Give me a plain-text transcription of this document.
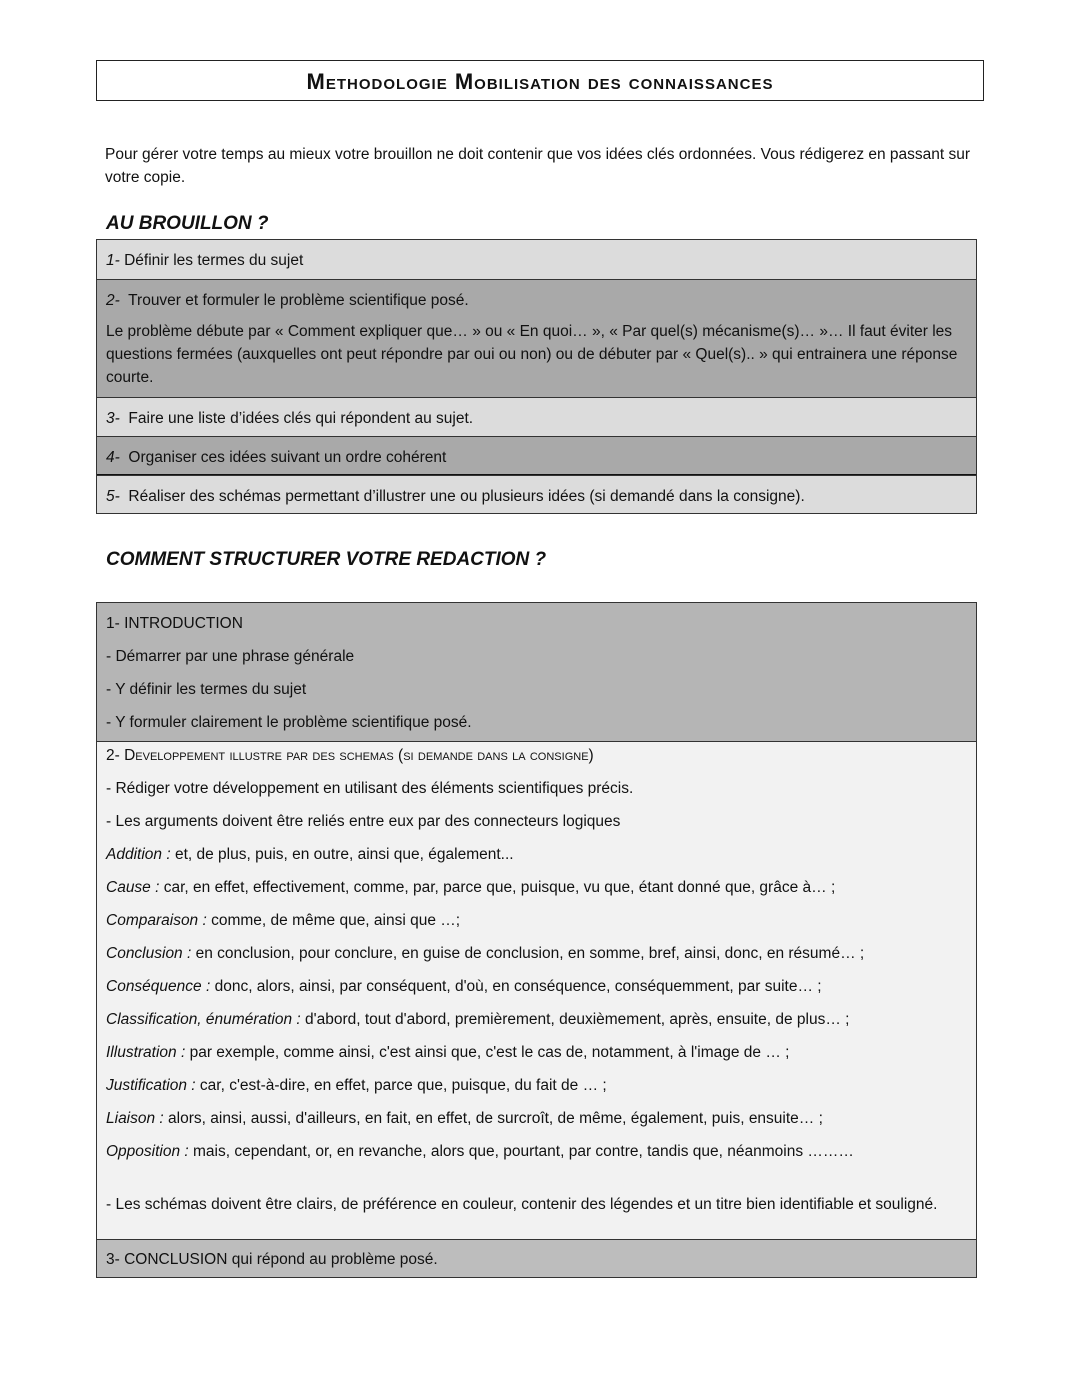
Methodologie Mobilisation des connaissances
Pour gérer votre temps au mieux votre brouillon ne doit contenir que vos idées clés ordonnées. Vous rédigerez en passant sur votre copie.
AU BROUILLON ?
1- Définir les termes du sujet
2- Trouver et formuler le problème scientifique posé.
Le problème débute par « Comment expliquer que… » ou « En quoi… », « Par quel(s) mécanisme(s)… »… Il faut éviter les questions fermées (auxquelles ont peut répondre par oui ou non) ou de débuter par « Quel(s).. » qui entrainera une réponse courte.
3- Faire une liste d’idées clés qui répondent au sujet.
4- Organiser ces idées suivant un ordre cohérent
5- Réaliser des schémas permettant d’illustrer une ou plusieurs idées (si demandé dans la consigne).
COMMENT STRUCTURER VOTRE REDACTION ?
1- INTRODUCTION
- Démarrer par une phrase générale
- Y définir les termes du sujet
- Y formuler clairement le problème scientifique posé.
2- Developpement illustre par des schemas (si demande dans la consigne)
- Rédiger votre développement en utilisant des éléments scientifiques précis.
- Les arguments doivent être reliés entre eux par des connecteurs logiques
Addition : et, de plus, puis, en outre, ainsi que, également...
Cause : car, en effet, effectivement, comme, par, parce que, puisque, vu que, étant donné que, grâce à… ;
Comparaison : comme, de même que, ainsi que …;
Conclusion : en conclusion, pour conclure, en guise de conclusion, en somme, bref, ainsi, donc, en résumé… ;
Conséquence : donc, alors, ainsi, par conséquent, d'où, en conséquence, conséquemment, par suite… ;
Classification, énumération : d'abord, tout d'abord, premièrement, deuxièmement, après, ensuite, de plus… ;
Illustration : par exemple, comme ainsi, c'est ainsi que, c'est le cas de, notamment, à l'image de … ;
Justification : car, c'est-à-dire, en effet, parce que, puisque, du fait de … ;
Liaison : alors, ainsi, aussi, d'ailleurs, en fait, en effet, de surcroît, de même, également, puis, ensuite… ;
Opposition : mais, cependant, or, en revanche, alors que, pourtant, par contre, tandis que, néanmoins ………
- Les schémas doivent être clairs, de préférence en couleur, contenir des légendes et un titre bien identifiable et souligné.
3- CONCLUSION qui répond au problème posé.
